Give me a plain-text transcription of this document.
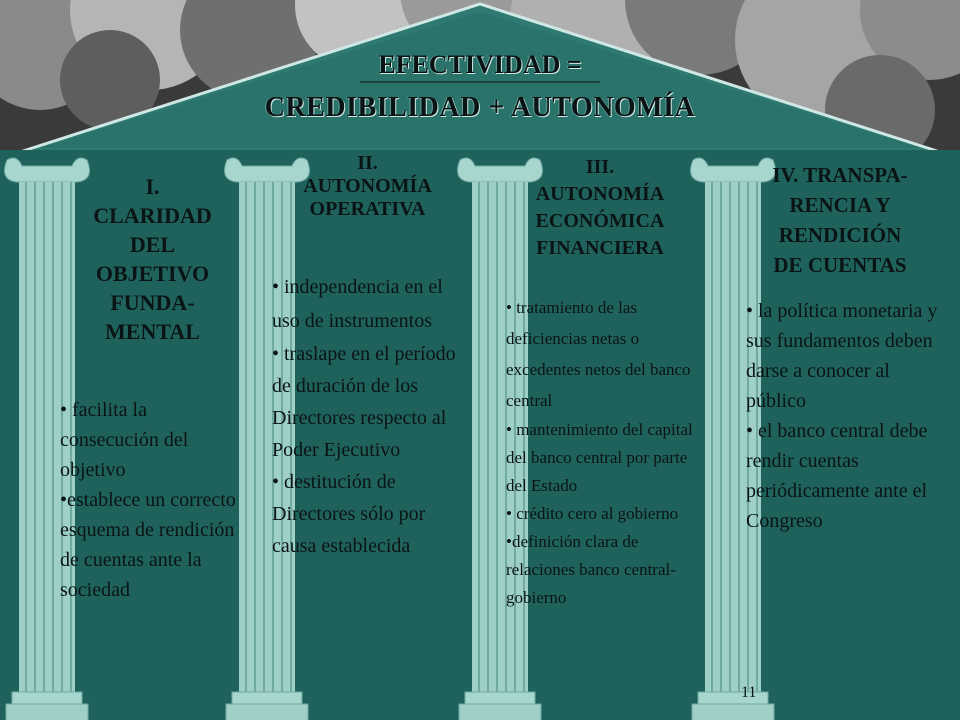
EFECTIVIDAD =
CREDIBILIDAD + AUTONOMÍA
I.
CLARIDAD
DEL
OBJETIVO
FUNDA-
MENTAL

• facilita la consecución del objetivo

•establece un correcto esquema de rendición de cuentas ante la sociedad

II.
AUTONOMÍA
OPERATIVA

• independencia en el uso de instrumentos

• traslape en el período de duración de los Directores respecto al Poder Ejecutivo

• destitución de Directores sólo por causa establecida

III.
AUTONOMÍA
ECONÓMICA
FINANCIERA

• tratamiento de las deficiencias netas o excedentes netos del banco central

• mantenimiento del capital del banco central por parte del Estado

• crédito cero al gobierno

•definición clara de relaciones banco central- gobierno

IV. TRANSPA-
RENCIA Y
RENDICIÓN
DE CUENTAS

• la política monetaria y sus fundamentos deben darse a conocer al público

• el banco central debe rendir cuentas periódicamente ante el Congreso

11
